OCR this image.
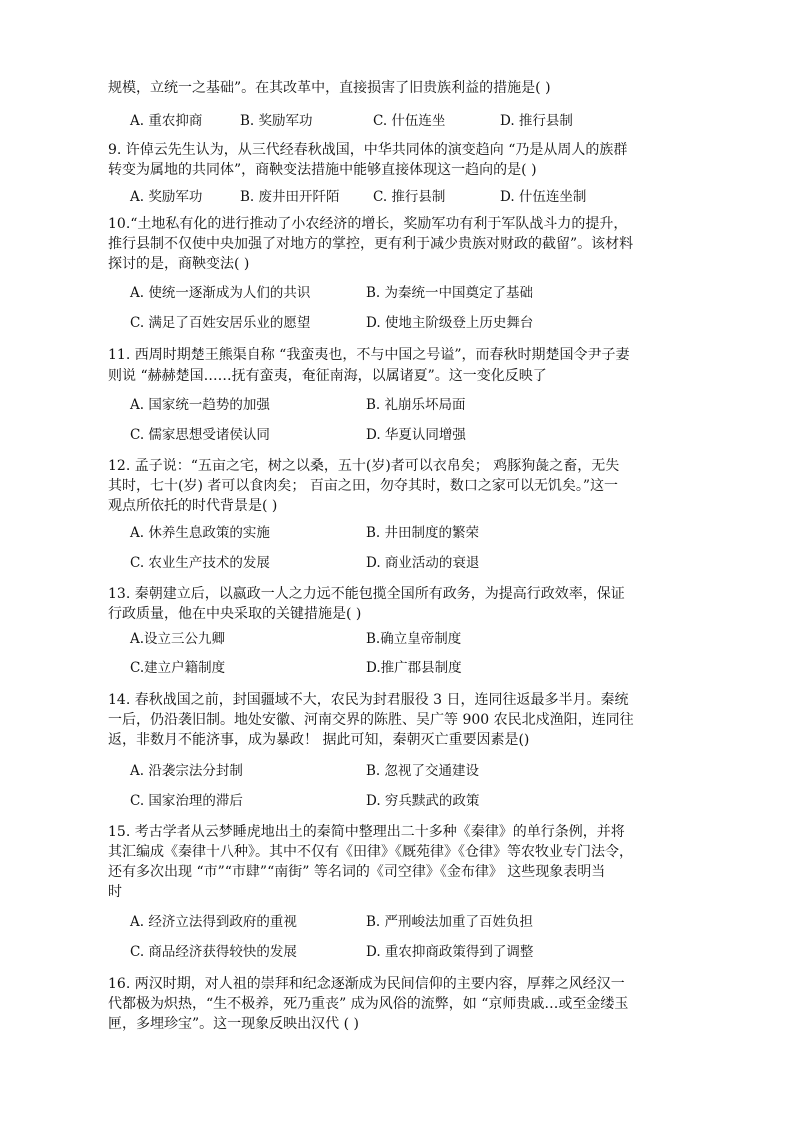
规模，立统一之基础”。在其改革中，直接损害了旧贵族利益的措施是( )
A. 重农抑商	B. 奖励军功	C. 什伍连坐	D. 推行县制
9. 许倬云先生认为，从三代经春秋战国，中华共同体的演变趋向 “乃是从周人的族群
转变为属地的共同体”，商鞅变法措施中能够直接体现这一趋向的是( )
A. 奖励军功	B. 废井田开阡陌 C. 推行县制	D. 什伍连坐制
10.“土地私有化的进行推动了小农经济的增长，奖励军功有利于军队战斗力的提升，
推行县制不仅使中央加强了对地方的掌控，更有利于减少贵族对财政的截留”。该材料
探讨的是，商鞅变法( )
A. 使统一逐渐成为人们的共识	B. 为秦统一中国奠定了基础
C. 满足了百姓安居乐业的愿望	D. 使地主阶级登上历史舞台
11. 西周时期楚王熊渠自称 “我蛮夷也，不与中国之号谥”，而春秋时期楚国令尹子妻
则说 “赫赫楚国……抚有蛮夷，奄征南海，以属诸夏”。这一变化反映了
A. 国家统一趋势的加强	B. 礼崩乐坏局面
C. 儒家思想受诸侯认同	D. 华夏认同增强
12. 孟子说：“五亩之宅，树之以桑，五十(岁)者可以衣帛矣； 鸡豚狗彘之畜，无失
其时，七十(岁) 者可以食肉矣； 百亩之田，勿夺其时，数口之家可以无饥矣。”这一
观点所依托的时代背景是( )
A. 休养生息政策的实施	B. 井田制度的繁荣
C. 农业生产技术的发展	D. 商业活动的衰退
13. 秦朝建立后，以嬴政一人之力远不能包揽全国所有政务，为提高行政效率，保证
行政质量，他在中央采取的关键措施是( )
A.设立三公九卿	B.确立皇帝制度
C.建立户籍制度	D.推广郡县制度
14. 春秋战国之前，封国疆域不大，农民为封君服役 3 日，连同往返最多半月。秦统
一后，仍沿袭旧制。地处安徽、河南交界的陈胜、吴广等 900 农民北戍渔阳，连同往
返，非数月不能济事，成为暴政！ 据此可知，秦朝灭亡重要因素是()
A. 沿袭宗法分封制	B. 忽视了交通建设
C. 国家治理的滞后	D. 穷兵黩武的政策
15. 考古学者从云梦睡虎地出土的秦简中整理出二十多种《秦律》的单行条例，并将
其汇编成《秦律十八种》。其中不仅有《田律》《厩苑律》《仓律》等农牧业专门法令，
还有多次出现 “市”“市肆”“南街” 等名词的《司空律》《金布律》 这些现象表明当
时
A. 经济立法得到政府的重视	B. 严刑峻法加重了百姓负担
C. 商品经济获得较快的发展	D. 重农抑商政策得到了调整
16. 两汉时期，对人祖的崇拜和纪念逐渐成为民间信仰的主要内容，厚葬之风经汉一
代都极为炽热，“生不极养，死乃重丧” 成为风俗的流弊，如 “京师贵戚…或至金缕玉
匣，多埋珍宝”。这一现象反映出汉代 ( )
